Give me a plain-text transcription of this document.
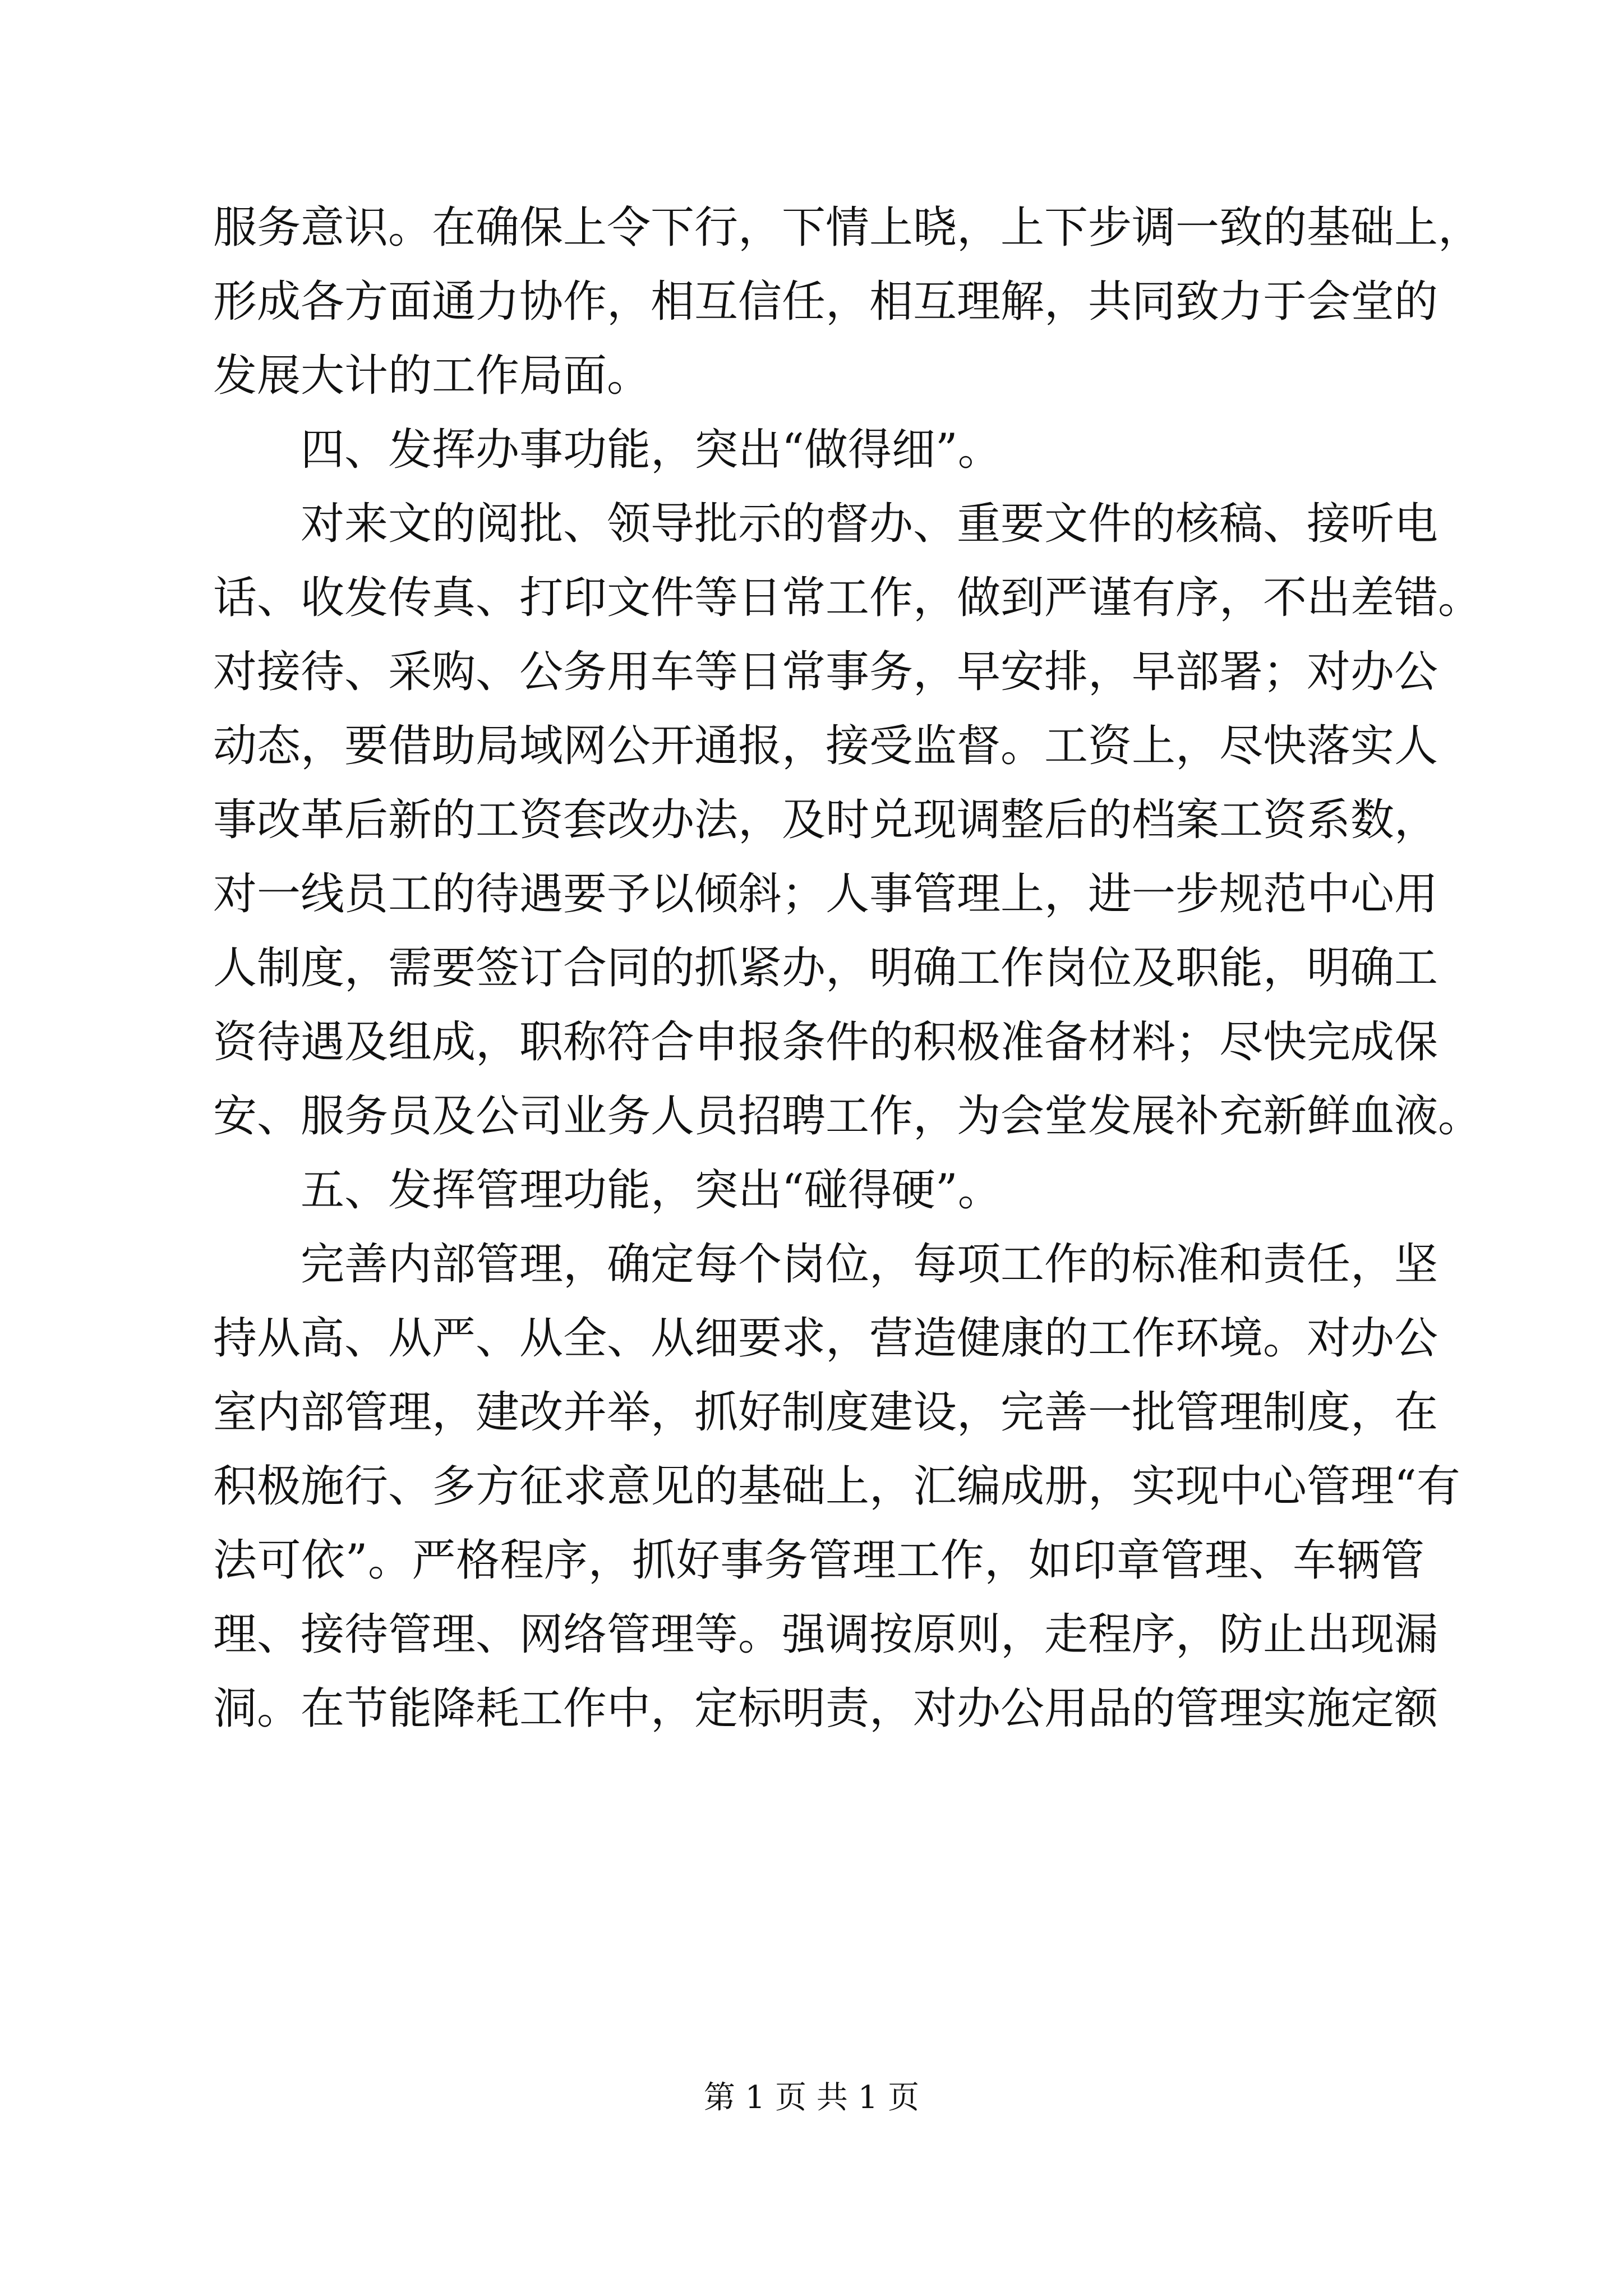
服务意识。在确保上令下行，下情上晓，上下步调一致的基础上，
形成各方面通力协作，相互信任，相互理解，共同致力于会堂的
发展大计的工作局面。
四、发挥办事功能，突出“做得细”。
对来文的阅批、领导批示的督办、重要文件的核稿、接听电
话、收发传真、打印文件等日常工作，做到严谨有序，不出差错。
对接待、采购、公务用车等日常事务，早安排，早部署；对办公
动态，要借助局域网公开通报，接受监督。工资上，尽快落实人
事改革后新的工资套改办法，及时兑现调整后的档案工资系数，
对一线员工的待遇要予以倾斜；人事管理上，进一步规范中心用
人制度，需要签订合同的抓紧办，明确工作岗位及职能，明确工
资待遇及组成，职称符合申报条件的积极准备材料；尽快完成保
安、服务员及公司业务人员招聘工作，为会堂发展补充新鲜血液。
五、发挥管理功能，突出“碰得硬”。
完善内部管理，确定每个岗位，每项工作的标准和责任，坚
持从高、从严、从全、从细要求，营造健康的工作环境。对办公
室内部管理，建改并举，抓好制度建设，完善一批管理制度，在
积极施行、多方征求意见的基础上，汇编成册，实现中心管理“有
法可依”。严格程序，抓好事务管理工作，如印章管理、车辆管
理、接待管理、网络管理等。强调按原则，走程序，防止出现漏
洞。在节能降耗工作中，定标明责，对办公用品的管理实施定额
第 1 页 共 1 页
